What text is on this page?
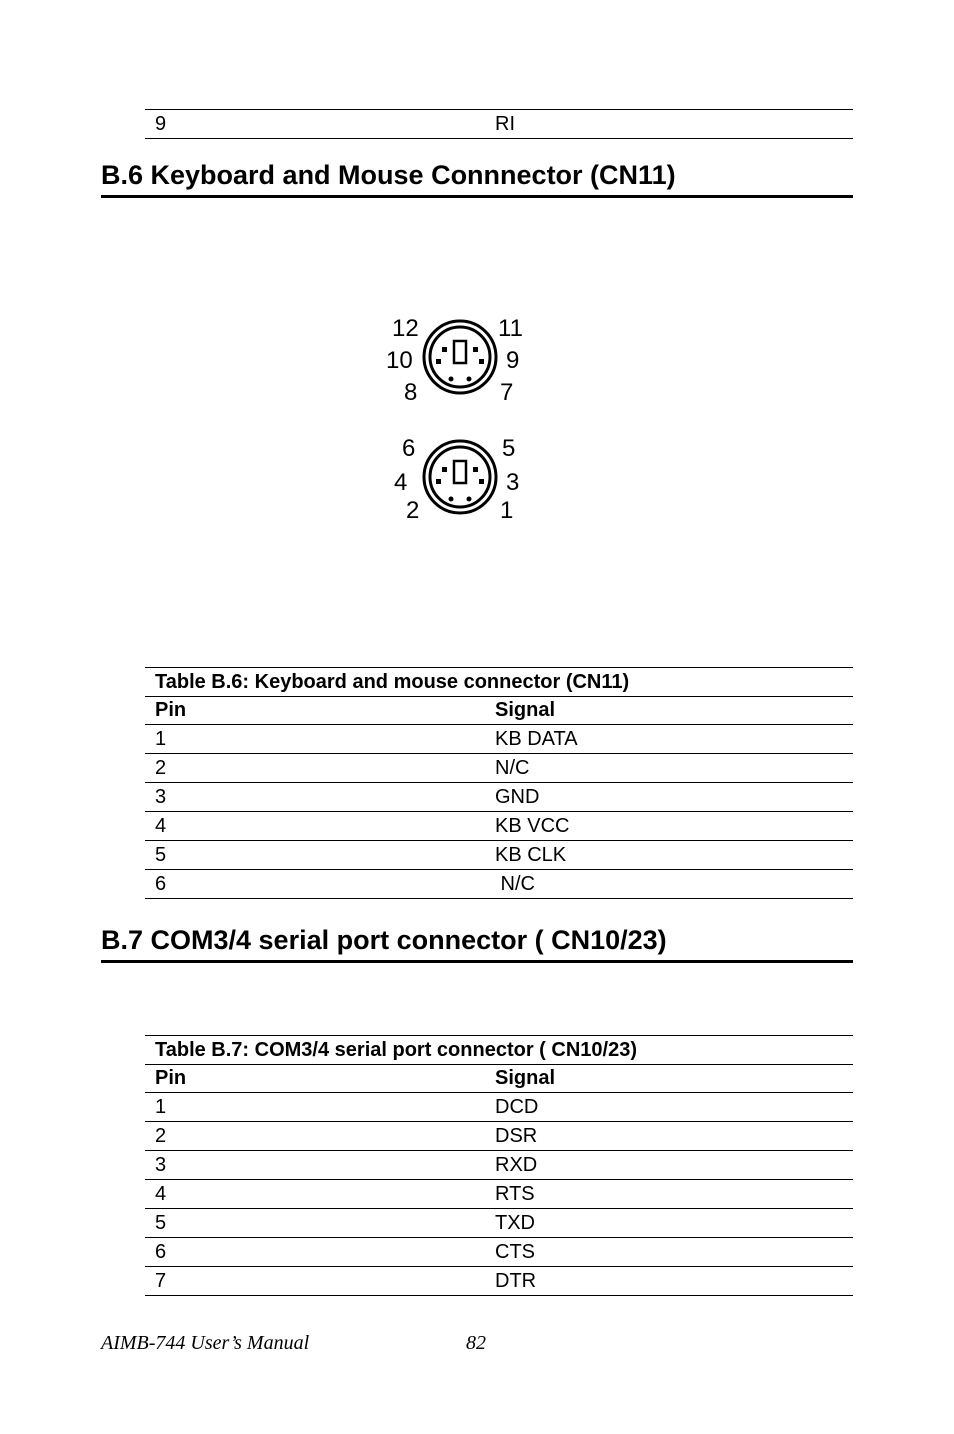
9	RI
B.6 Keyboard and Mouse Connnector (CN11)
12	11
10	9
8	7
6	5
4	3
2	1
Table B.6: Keyboard and mouse connector (CN11)
Pin	Signal
1	KB DATA
2	N/C
3	GND
4	KB VCC
5	KB CLK
6	N/C
B.7 COM3/4 serial port connector ( CN10/23)
Table B.7: COM3/4 serial port connector ( CN10/23)
Pin	Signal
1	DCD
2	DSR
3	RXD
4	RTS
5	TXD
6	CTS
7	DTR
AIMB-744 User’s Manual	82
